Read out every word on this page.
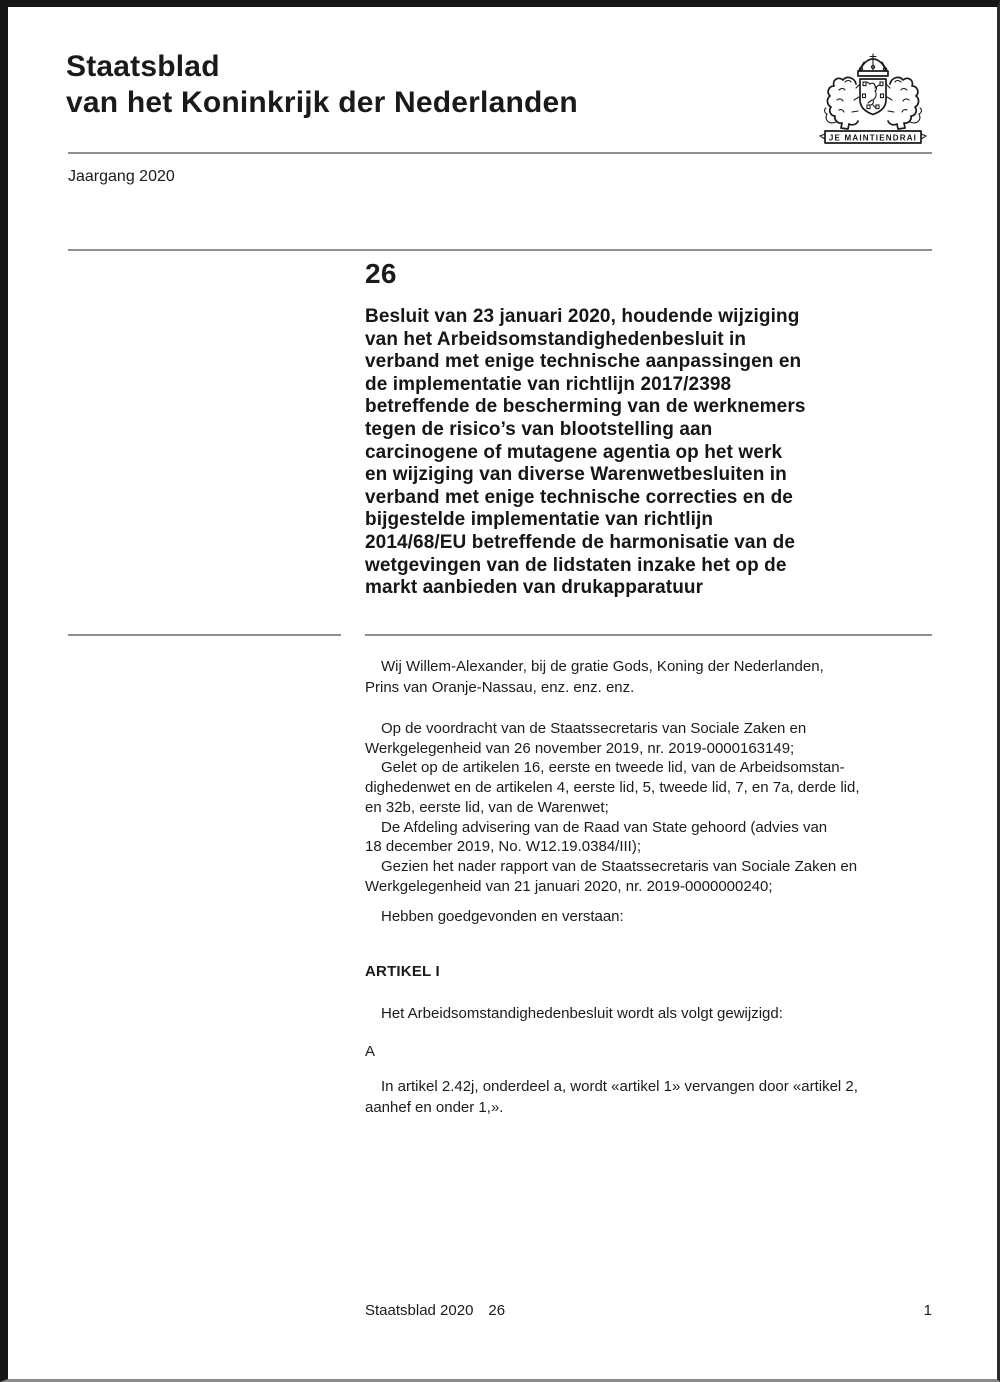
Staatsblad
van het Koninkrijk der Nederlanden
JE MAINTIENDRAI
Jaargang 2020
26
Besluit van 23 januari 2020, houdende wijziging
van het Arbeidsomstandighedenbesluit in
verband met enige technische aanpassingen en
de implementatie van richtlijn 2017/2398
betreffende de bescherming van de werknemers
tegen de risico’s van blootstelling aan
carcinogene of mutagene agentia op het werk
en wijziging van diverse Warenwetbesluiten in
verband met enige technische correcties en de
bijgestelde implementatie van richtlijn
2014/68/EU betreffende de harmonisatie van de
wetgevingen van de lidstaten inzake het op de
markt aanbieden van drukapparatuur
Wij Willem-Alexander, bij de gratie Gods, Koning der Nederlanden,
Prins van Oranje-Nassau, enz. enz. enz.

Op de voordracht van de Staatssecretaris van Sociale Zaken en
Werkgelegenheid van 26 november 2019, nr. 2019-0000163149;

Gelet op de artikelen 16, eerste en tweede lid, van de Arbeidsomstan-
dighedenwet en de artikelen 4, eerste lid, 5, tweede lid, 7, en 7a, derde lid,
en 32b, eerste lid, van de Warenwet;

De Afdeling advisering van de Raad van State gehoord (advies van
18 december 2019, No. W12.19.0384/III);

Gezien het nader rapport van de Staatssecretaris van Sociale Zaken en
Werkgelegenheid van 21 januari 2020, nr. 2019-0000000240;

Hebben goedgevonden en verstaan:
ARTIKEL I
Het Arbeidsomstandighedenbesluit wordt als volgt gewijzigd:
A
In artikel 2.42j, onderdeel a, wordt «artikel 1» vervangen door «artikel 2,
aanhef en onder 1,».
Staatsblad 2020 26	1
